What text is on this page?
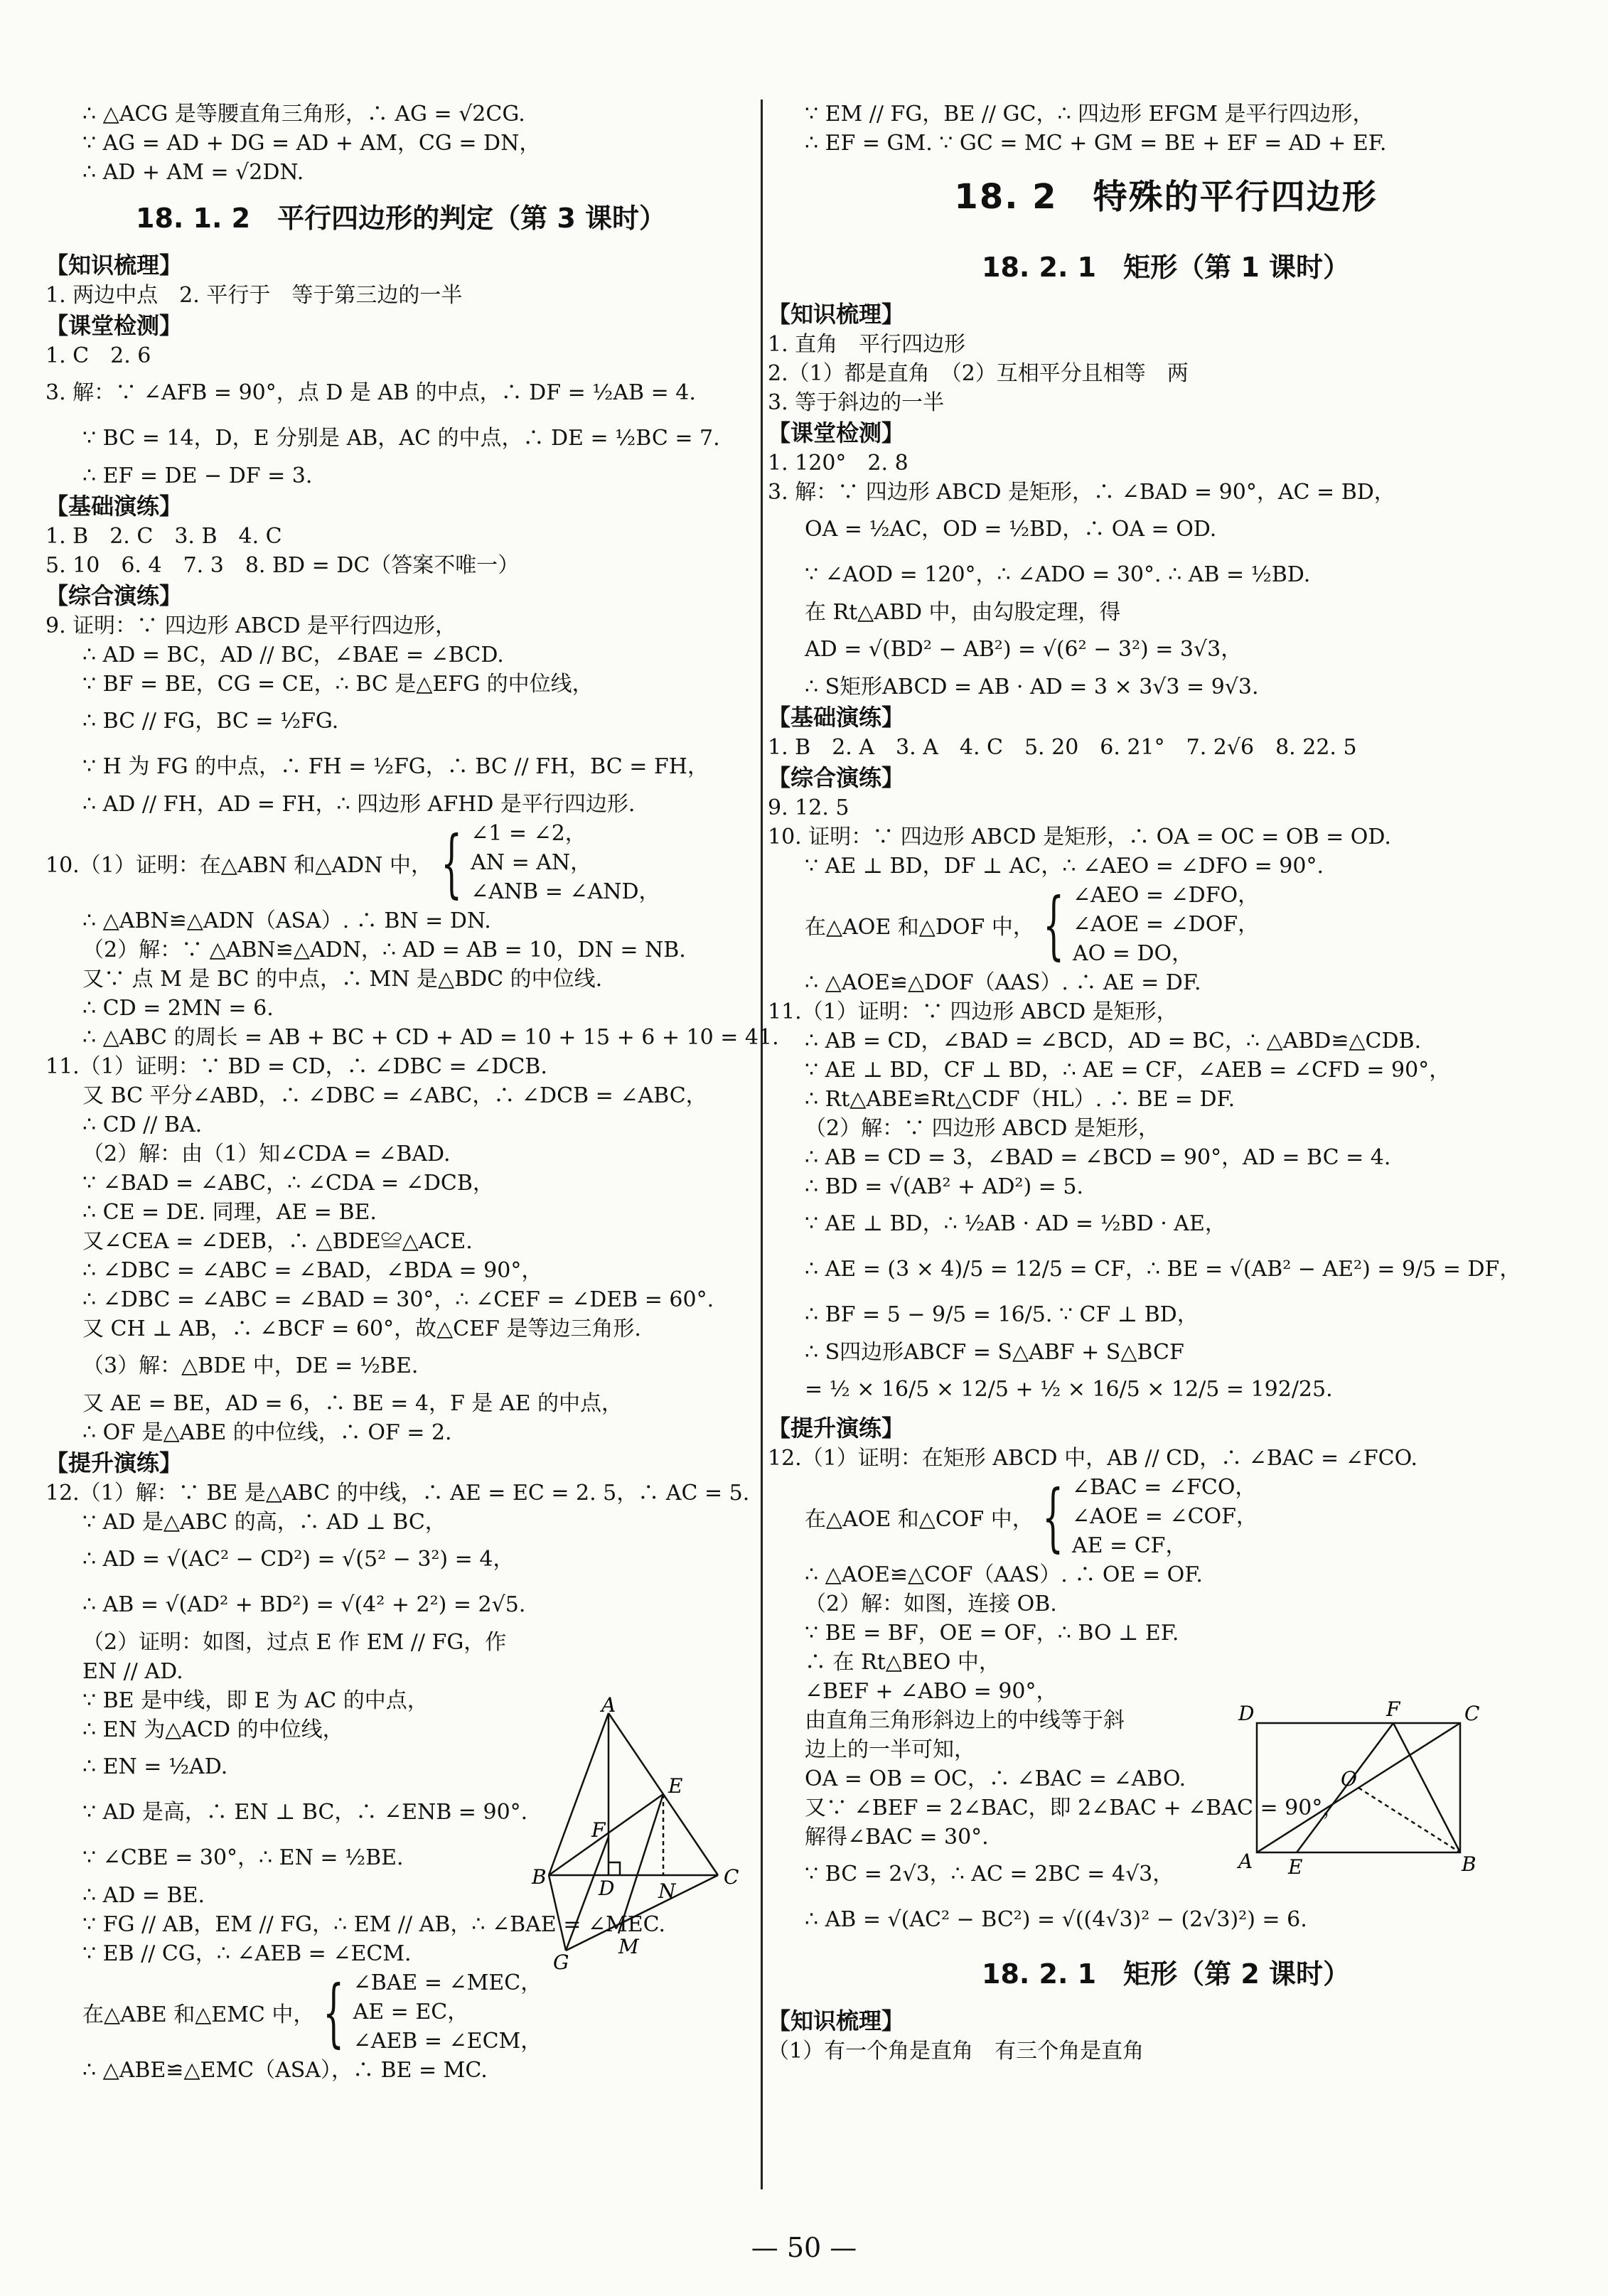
∴ △ACG 是等腰直角三角形，∴ AG = √2CG.
∵ AG = AD + DG = AD + AM，CG = DN，
∴ AD + AM = √2DN.
18. 1. 2　平行四边形的判定（第 3 课时）
【知识梳理】
1. 两边中点　2. 平行于　等于第三边的一半
【课堂检测】
1. C　2. 6
3. 解：∵ ∠AFB = 90°，点 D 是 AB 的中点，∴ DF = ½AB = 4.
∵ BC = 14，D，E 分别是 AB，AC 的中点，∴ DE = ½BC = 7.
∴ EF = DE − DF = 3.
【基础演练】
1. B　2. C　3. B　4. C
5. 10　6. 4　7. 3　8. BD = DC（答案不唯一）
【综合演练】
9. 证明：∵ 四边形 ABCD 是平行四边形，
∴ AD = BC，AD // BC，∠BAE = ∠BCD.
∵ BF = BE，CG = CE，∴ BC 是△EFG 的中位线，
∴ BC // FG，BC = ½FG.
∵ H 为 FG 的中点，∴ FH = ½FG，∴ BC // FH，BC = FH，
∴ AD // FH，AD = FH，∴ 四边形 AFHD 是平行四边形.
10.（1）证明：在△ABN 和△ADN 中， { ∠1 = ∠2，
AN = AN，
∠ANB = ∠AND，
∴ △ABN≌△ADN（ASA）. ∴ BN = DN.
（2）解：∵ △ABN≌△ADN，∴ AD = AB = 10，DN = NB.
又∵ 点 M 是 BC 的中点，∴ MN 是△BDC 的中位线.
∴ CD = 2MN = 6.
∴ △ABC 的周长 = AB + BC + CD + AD = 10 + 15 + 6 + 10 = 41.
11.（1）证明：∵ BD = CD，∴ ∠DBC = ∠DCB.
又 BC 平分∠ABD，∴ ∠DBC = ∠ABC，∴ ∠DCB = ∠ABC，
∴ CD // BA.
（2）解：由（1）知∠CDA = ∠BAD.
∵ ∠BAD = ∠ABC，∴ ∠CDA = ∠DCB，
∴ CE = DE. 同理，AE = BE.
又∠CEA = ∠DEB，∴ △BDE≌△ACE.
∴ ∠DBC = ∠ABC = ∠BAD，∠BDA = 90°，
∴ ∠DBC = ∠ABC = ∠BAD = 30°，∴ ∠CEF = ∠DEB = 60°.
又 CH ⊥ AB，∴ ∠BCF = 60°，故△CEF 是等边三角形.
（3）解：△BDE 中，DE = ½BE.
又 AE = BE，AD = 6，∴ BE = 4，F 是 AE 的中点，
∴ OF 是△ABE 的中位线，∴ OF = 2.
【提升演练】
12.（1）解：∵ BE 是△ABC 的中线，∴ AE = EC = 2. 5，∴ AC = 5.
∵ AD 是△ABC 的高，∴ AD ⊥ BC，
∴ AD = √(AC² − CD²) = √(5² − 3²) = 4，
∴ AB = √(AD² + BD²) = √(4² + 2²) = 2√5.
（2）证明：如图，过点 E 作 EM // FG，作
EN // AD.
∵ BE 是中线，即 E 为 AC 的中点，
∴ EN 为△ACD 的中位线，
∴ EN = ½AD.
∵ AD 是高，∴ EN ⊥ BC，∴ ∠ENB = 90°.
∵ ∠CBE = 30°，∴ EN = ½BE.
∴ AD = BE.
∵ FG // AB，EM // FG，∴ EM // AB，∴ ∠BAE = ∠MEC.
∵ EB // CG，∴ ∠AEB = ∠ECM.
在△ABE 和△EMC 中， { ∠BAE = ∠MEC，
AE = EC，
∠AEB = ∠ECM，
∴ △ABE≌△EMC（ASA），∴ BE = MC.
A
B	C
D
E
F
G
M
N
∵ EM // FG，BE // GC，∴ 四边形 EFGM 是平行四边形，
∴ EF = GM. ∵ GC = MC + GM = BE + EF = AD + EF.
18. 2　特殊的平行四边形
18. 2. 1　矩形（第 1 课时）
【知识梳理】
1. 直角　平行四边形
2.（1）都是直角　（2）互相平分且相等　两
3. 等于斜边的一半
【课堂检测】
1. 120°　2. 8
3. 解：∵ 四边形 ABCD 是矩形，∴ ∠BAD = 90°，AC = BD，
OA = ½AC，OD = ½BD，∴ OA = OD.
∵ ∠AOD = 120°，∴ ∠ADO = 30°. ∴ AB = ½BD.
在 Rt△ABD 中，由勾股定理，得
AD = √(BD² − AB²) = √(6² − 3²) = 3√3，
∴ S矩形ABCD = AB · AD = 3 × 3√3 = 9√3.
【基础演练】
1. B　2. A　3. A　4. C　5. 20　6. 21°　7. 2√6　8. 22. 5
【综合演练】
9. 12. 5
10. 证明：∵ 四边形 ABCD 是矩形，∴ OA = OC = OB = OD.
∵ AE ⊥ BD，DF ⊥ AC，∴ ∠AEO = ∠DFO = 90°.
在△AOE 和△DOF 中， { ∠AEO = ∠DFO，
∠AOE = ∠DOF，
AO = DO，
∴ △AOE≌△DOF（AAS）. ∴ AE = DF.
11.（1）证明：∵ 四边形 ABCD 是矩形，
∴ AB = CD，∠BAD = ∠BCD，AD = BC，∴ △ABD≌△CDB.
∵ AE ⊥ BD，CF ⊥ BD，∴ AE = CF，∠AEB = ∠CFD = 90°，
∴ Rt△ABE≌Rt△CDF（HL）. ∴ BE = DF.
（2）解：∵ 四边形 ABCD 是矩形，
∴ AB = CD = 3，∠BAD = ∠BCD = 90°，AD = BC = 4.
∴ BD = √(AB² + AD²) = 5.
∵ AE ⊥ BD，∴ ½AB · AD = ½BD · AE，
∴ AE = (3 × 4)/5 = 12/5 = CF，∴ BE = √(AB² − AE²) = 9/5 = DF，
∴ BF = 5 − 9/5 = 16/5. ∵ CF ⊥ BD，
∴ S四边形ABCF = S△ABF + S△BCF
= ½ × 16/5 × 12/5 + ½ × 16/5 × 12/5 = 192/25.
【提升演练】
12.（1）证明：在矩形 ABCD 中，AB // CD，∴ ∠BAC = ∠FCO.
在△AOE 和△COF 中， { ∠BAC = ∠FCO，
∠AOE = ∠COF，
AE = CF，
∴ △AOE≌△COF（AAS）. ∴ OE = OF.
（2）解：如图，连接 OB.
∵ BE = BF，OE = OF，∴ BO ⊥ EF.
∴ 在 Rt△BEO 中，
∠BEF + ∠ABO = 90°，
由直角三角形斜边上的中线等于斜
边上的一半可知，
OA = OB = OC，∴ ∠BAC = ∠ABO.
又∵ ∠BEF = 2∠BAC，即 2∠BAC + ∠BAC = 90°，
解得∠BAC = 30°.
∵ BC = 2√3，∴ AC = 2BC = 4√3，
∴ AB = √(AC² − BC²) = √((4√3)² − (2√3)²) = 6.
18. 2. 1　矩形（第 2 课时）
【知识梳理】
（1）有一个角是直角　有三个角是直角
D	F	C
O
A E	B
— 50 —
